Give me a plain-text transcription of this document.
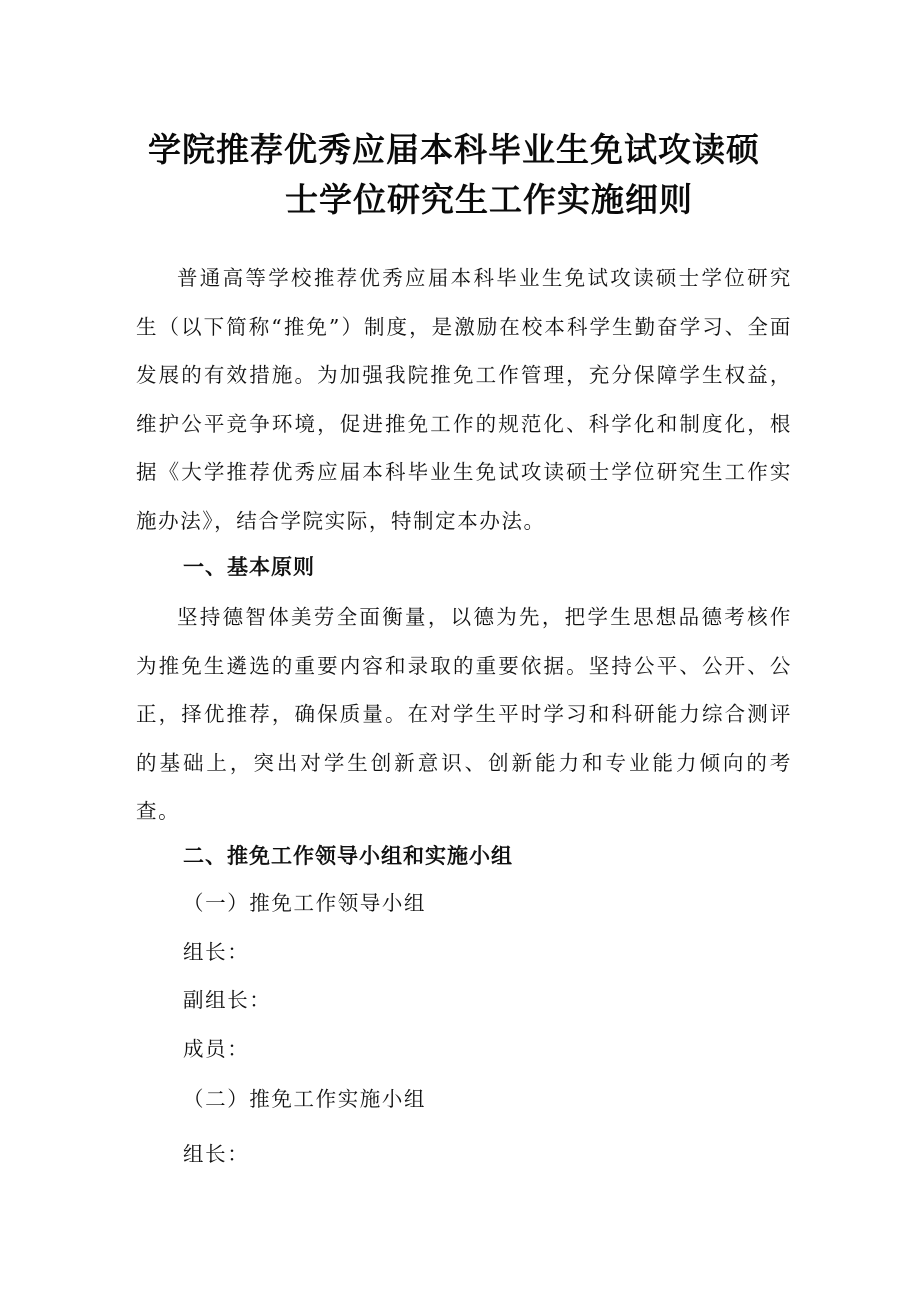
学院推荐优秀应届本科毕业生免试攻读硕
士学位研究生工作实施细则

普通高等学校推荐优秀应届本科毕业生免试攻读硕士学位研究生（以下简称“推免”）制度，是激励在校本科学生勤奋学习、全面发展的有效措施。为加强我院推免工作管理，充分保障学生权益，维护公平竞争环境，促进推免工作的规范化、科学化和制度化，根据《大学推荐优秀应届本科毕业生免试攻读硕士学位研究生工作实施办法》，结合学院实际，特制定本办法。

一、基本原则

坚持德智体美劳全面衡量，以德为先，把学生思想品德考核作为推免生遴选的重要内容和录取的重要依据。坚持公平、公开、公正，择优推荐，确保质量。在对学生平时学习和科研能力综合测评的基础上，突出对学生创新意识、创新能力和专业能力倾向的考查。

二、推免工作领导小组和实施小组
（一）推免工作领导小组
组长：
副组长：
成员：
（二）推免工作实施小组
组长：
